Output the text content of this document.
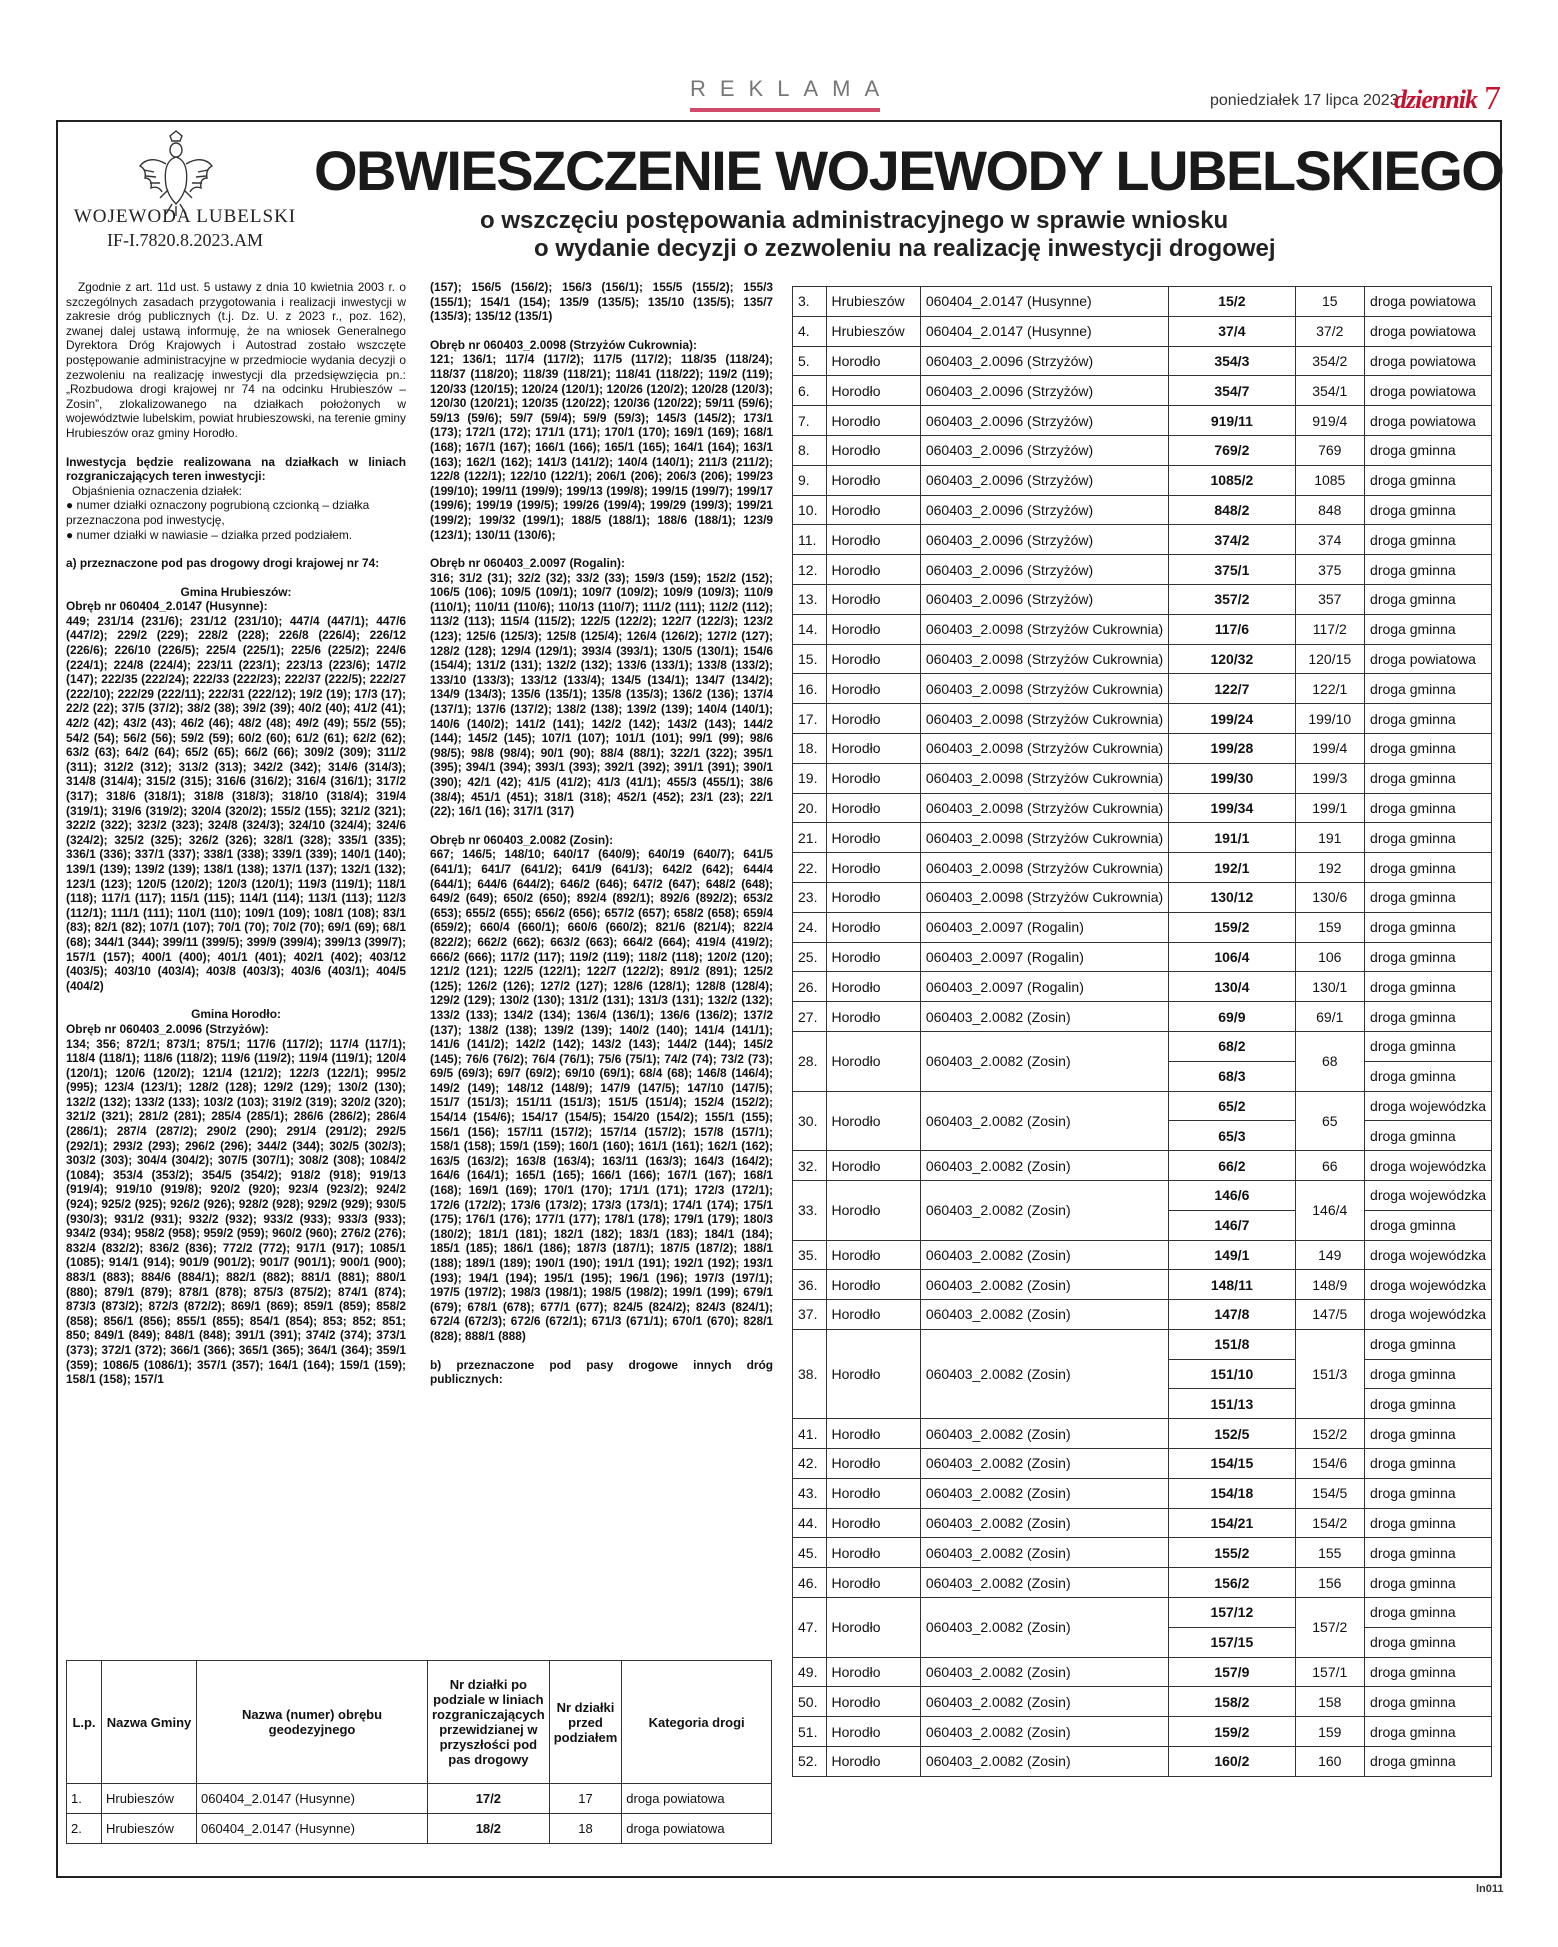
REKLAMA	poniedziałek 17 lipca 2023
dziennik 7
WOJEWODA LUBELSKI
IF-I.7820.8.2023.AM
OBWIESZCZENIE WOJEWODY LUBELSKIEGO
o wszczęciu postępowania administracyjnego w sprawie wniosku
o wydanie decyzji o zezwoleniu na realizację inwestycji drogowej

Zgodnie z art. 11d ust. 5 ustawy z dnia 10 kwietnia 2003 r. o szczególnych zasadach przygotowania i realizacji inwestycji w zakresie dróg publicznych (t.j. Dz. U. z 2023 r., poz. 162), zwanej dalej ustawą informuję, że na wniosek Generalnego Dyrektora Dróg Krajowych i Autostrad zostało wszczęte postępowanie administracyjne w przedmiocie wydania decyzji o zezwoleniu na realizację inwestycji dla przedsięwzięcia pn.: „Rozbudowa drogi krajowej nr 74 na odcinku Hrubieszów – Zosin”, zlokalizowanego na działkach położonych w województwie lubelskim, powiat hrubieszowski, na terenie gminy Hrubieszów oraz gminy Horodło.

Inwestycja będzie realizowana na działkach w liniach rozgraniczających teren inwestycji:

Objaśnienia oznaczenia działek:

● numer działki oznaczony pogrubioną czcionką – działka przeznaczona pod inwestycję,

● numer działki w nawiasie – działka przed podziałem.

a) przeznaczone pod pas drogowy drogi krajowej nr 74:

Gmina Hrubieszów:

Obręb nr 060404_2.0147 (Husynne):

449; 231/14 (231/6); 231/12 (231/10); 447/4 (447/1); 447/6 (447/2); 229/2 (229); 228/2 (228); 226/8 (226/4); 226/12 (226/6); 226/10 (226/5); 225/4 (225/1); 225/6 (225/2); 224/6 (224/1); 224/8 (224/4); 223/11 (223/1); 223/13 (223/6); 147/2 (147); 222/35 (222/24); 222/33 (222/23); 222/37 (222/5); 222/27 (222/10); 222/29 (222/11); 222/31 (222/12); 19/2 (19); 17/3 (17); 22/2 (22); 37/5 (37/2); 38/2 (38); 39/2 (39); 40/2 (40); 41/2 (41); 42/2 (42); 43/2 (43); 46/2 (46); 48/2 (48); 49/2 (49); 55/2 (55); 54/2 (54); 56/2 (56); 59/2 (59); 60/2 (60); 61/2 (61); 62/2 (62); 63/2 (63); 64/2 (64); 65/2 (65); 66/2 (66); 309/2 (309); 311/2 (311); 312/2 (312); 313/2 (313); 342/2 (342); 314/6 (314/3); 314/8 (314/4); 315/2 (315); 316/6 (316/2); 316/4 (316/1); 317/2 (317); 318/6 (318/1); 318/8 (318/3); 318/10 (318/4); 319/4 (319/1); 319/6 (319/2); 320/4 (320/2); 155/2 (155); 321/2 (321); 322/2 (322); 323/2 (323); 324/8 (324/3); 324/10 (324/4); 324/6 (324/2); 325/2 (325); 326/2 (326); 328/1 (328); 335/1 (335); 336/1 (336); 337/1 (337); 338/1 (338); 339/1 (339); 140/1 (140); 139/1 (139); 139/2 (139); 138/1 (138); 137/1 (137); 132/1 (132); 123/1 (123); 120/5 (120/2); 120/3 (120/1); 119/3 (119/1); 118/1 (118); 117/1 (117); 115/1 (115); 114/1 (114); 113/1 (113); 112/3 (112/1); 111/1 (111); 110/1 (110); 109/1 (109); 108/1 (108); 83/1 (83); 82/1 (82); 107/1 (107); 70/1 (70); 70/2 (70); 69/1 (69); 68/1 (68); 344/1 (344); 399/11 (399/5); 399/9 (399/4); 399/13 (399/7); 157/1 (157); 400/1 (400); 401/1 (401); 402/1 (402); 403/12 (403/5); 403/10 (403/4); 403/8 (403/3); 403/6 (403/1); 404/5 (404/2)

Gmina Horodło:

Obręb nr 060403_2.0096 (Strzyżów):

134; 356; 872/1; 873/1; 875/1; 117/6 (117/2); 117/4 (117/1); 118/4 (118/1); 118/6 (118/2); 119/6 (119/2); 119/4 (119/1); 120/4 (120/1); 120/6 (120/2); 121/4 (121/2); 122/3 (122/1); 995/2 (995); 123/4 (123/1); 128/2 (128); 129/2 (129); 130/2 (130); 132/2 (132); 133/2 (133); 103/2 (103); 319/2 (319); 320/2 (320); 321/2 (321); 281/2 (281); 285/4 (285/1); 286/6 (286/2); 286/4 (286/1); 287/4 (287/2); 290/2 (290); 291/4 (291/2); 292/5 (292/1); 293/2 (293); 296/2 (296); 344/2 (344); 302/5 (302/3); 303/2 (303); 304/4 (304/2); 307/5 (307/1); 308/2 (308); 1084/2 (1084); 353/4 (353/2); 354/5 (354/2); 918/2 (918); 919/13 (919/4); 919/10 (919/8); 920/2 (920); 923/4 (923/2); 924/2 (924); 925/2 (925); 926/2 (926); 928/2 (928); 929/2 (929); 930/5 (930/3); 931/2 (931); 932/2 (932); 933/2 (933); 933/3 (933); 934/2 (934); 958/2 (958); 959/2 (959); 960/2 (960); 276/2 (276); 832/4 (832/2); 836/2 (836); 772/2 (772); 917/1 (917); 1085/1 (1085); 914/1 (914); 901/9 (901/2); 901/7 (901/1); 900/1 (900); 883/1 (883); 884/6 (884/1); 882/1 (882); 881/1 (881); 880/1 (880); 879/1 (879); 878/1 (878); 875/3 (875/2); 874/1 (874); 873/3 (873/2); 872/3 (872/2); 869/1 (869); 859/1 (859); 858/2 (858); 856/1 (856); 855/1 (855); 854/1 (854); 853; 852; 851; 850; 849/1 (849); 848/1 (848); 391/1 (391); 374/2 (374); 373/1 (373); 372/1 (372); 366/1 (366); 365/1 (365); 364/1 (364); 359/1 (359); 1086/5 (1086/1); 357/1 (357); 164/1 (164); 159/1 (159); 158/1 (158); 157/1

(157); 156/5 (156/2); 156/3 (156/1); 155/5 (155/2); 155/3 (155/1); 154/1 (154); 135/9 (135/5); 135/10 (135/5); 135/7 (135/3); 135/12 (135/1)

Obręb nr 060403_2.0098 (Strzyżów Cukrownia):

121; 136/1; 117/4 (117/2); 117/5 (117/2); 118/35 (118/24); 118/37 (118/20); 118/39 (118/21); 118/41 (118/22); 119/2 (119); 120/33 (120/15); 120/24 (120/1); 120/26 (120/2); 120/28 (120/3); 120/30 (120/21); 120/35 (120/22); 120/36 (120/22); 59/11 (59/6); 59/13 (59/6); 59/7 (59/4); 59/9 (59/3); 145/3 (145/2); 173/1 (173); 172/1 (172); 171/1 (171); 170/1 (170); 169/1 (169); 168/1 (168); 167/1 (167); 166/1 (166); 165/1 (165); 164/1 (164); 163/1 (163); 162/1 (162); 141/3 (141/2); 140/4 (140/1); 211/3 (211/2); 122/8 (122/1); 122/10 (122/1); 206/1 (206); 206/3 (206); 199/23 (199/10); 199/11 (199/9); 199/13 (199/8); 199/15 (199/7); 199/17 (199/6); 199/19 (199/5); 199/26 (199/4); 199/29 (199/3); 199/21 (199/2); 199/32 (199/1); 188/5 (188/1); 188/6 (188/1); 123/9 (123/1); 130/11 (130/6);

Obręb nr 060403_2.0097 (Rogalin):

316; 31/2 (31); 32/2 (32); 33/2 (33); 159/3 (159); 152/2 (152); 106/5 (106); 109/5 (109/1); 109/7 (109/2); 109/9 (109/3); 110/9 (110/1); 110/11 (110/6); 110/13 (110/7); 111/2 (111); 112/2 (112); 113/2 (113); 115/4 (115/2); 122/5 (122/2); 122/7 (122/3); 123/2 (123); 125/6 (125/3); 125/8 (125/4); 126/4 (126/2); 127/2 (127); 128/2 (128); 129/4 (129/1); 393/4 (393/1); 130/5 (130/1); 154/6 (154/4); 131/2 (131); 132/2 (132); 133/6 (133/1); 133/8 (133/2); 133/10 (133/3); 133/12 (133/4); 134/5 (134/1); 134/7 (134/2); 134/9 (134/3); 135/6 (135/1); 135/8 (135/3); 136/2 (136); 137/4 (137/1); 137/6 (137/2); 138/2 (138); 139/2 (139); 140/4 (140/1); 140/6 (140/2); 141/2 (141); 142/2 (142); 143/2 (143); 144/2 (144); 145/2 (145); 107/1 (107); 101/1 (101); 99/1 (99); 98/6 (98/5); 98/8 (98/4); 90/1 (90); 88/4 (88/1); 322/1 (322); 395/1 (395); 394/1 (394); 393/1 (393); 392/1 (392); 391/1 (391); 390/1 (390); 42/1 (42); 41/5 (41/2); 41/3 (41/1); 455/3 (455/1); 38/6 (38/4); 451/1 (451); 318/1 (318); 452/1 (452); 23/1 (23); 22/1 (22); 16/1 (16); 317/1 (317)

Obręb nr 060403_2.0082 (Zosin):

667; 146/5; 148/10; 640/17 (640/9); 640/19 (640/7); 641/5 (641/1); 641/7 (641/2); 641/9 (641/3); 642/2 (642); 644/4 (644/1); 644/6 (644/2); 646/2 (646); 647/2 (647); 648/2 (648); 649/2 (649); 650/2 (650); 892/4 (892/1); 892/6 (892/2); 653/2 (653); 655/2 (655); 656/2 (656); 657/2 (657); 658/2 (658); 659/4 (659/2); 660/4 (660/1); 660/6 (660/2); 821/6 (821/4); 822/4 (822/2); 662/2 (662); 663/2 (663); 664/2 (664); 419/4 (419/2); 666/2 (666); 117/2 (117); 119/2 (119); 118/2 (118); 120/2 (120); 121/2 (121); 122/5 (122/1); 122/7 (122/2); 891/2 (891); 125/2 (125); 126/2 (126); 127/2 (127); 128/6 (128/1); 128/8 (128/4); 129/2 (129); 130/2 (130); 131/2 (131); 131/3 (131); 132/2 (132); 133/2 (133); 134/2 (134); 136/4 (136/1); 136/6 (136/2); 137/2 (137); 138/2 (138); 139/2 (139); 140/2 (140); 141/4 (141/1); 141/6 (141/2); 142/2 (142); 143/2 (143); 144/2 (144); 145/2 (145); 76/6 (76/2); 76/4 (76/1); 75/6 (75/1); 74/2 (74); 73/2 (73); 69/5 (69/3); 69/7 (69/2); 69/10 (69/1); 68/4 (68); 146/8 (146/4); 149/2 (149); 148/12 (148/9); 147/9 (147/5); 147/10 (147/5); 151/7 (151/3); 151/11 (151/3); 151/5 (151/4); 152/4 (152/2); 154/14 (154/6); 154/17 (154/5); 154/20 (154/2); 155/1 (155); 156/1 (156); 157/11 (157/2); 157/14 (157/2); 157/8 (157/1); 158/1 (158); 159/1 (159); 160/1 (160); 161/1 (161); 162/1 (162); 163/5 (163/2); 163/8 (163/4); 163/11 (163/3); 164/3 (164/2); 164/6 (164/1); 165/1 (165); 166/1 (166); 167/1 (167); 168/1 (168); 169/1 (169); 170/1 (170); 171/1 (171); 172/3 (172/1); 172/6 (172/2); 173/6 (173/2); 173/3 (173/1); 174/1 (174); 175/1 (175); 176/1 (176); 177/1 (177); 178/1 (178); 179/1 (179); 180/3 (180/2); 181/1 (181); 182/1 (182); 183/1 (183); 184/1 (184); 185/1 (185); 186/1 (186); 187/3 (187/1); 187/5 (187/2); 188/1 (188); 189/1 (189); 190/1 (190); 191/1 (191); 192/1 (192); 193/1 (193); 194/1 (194); 195/1 (195); 196/1 (196); 197/3 (197/1); 197/5 (197/2); 198/3 (198/1); 198/5 (198/2); 199/1 (199); 679/1 (679); 678/1 (678); 677/1 (677); 824/5 (824/2); 824/3 (824/1); 672/4 (672/3); 672/6 (672/1); 671/3 (671/1); 670/1 (670); 828/1 (828); 888/1 (888)

b) przeznaczone pod pasy drogowe innych dróg publicznych:

L.p.	Nazwa Gminy	Nazwa (numer) obrębu geodezyjnego	Nr działki po podziale w liniach rozgraniczających przewidzianej w przyszłości pod pas drogowy	Nr działki przed podziałem	Kategoria drogi
1.	Hrubieszów	060404_2.0147 (Husynne)	17/2	17	droga powiatowa
2.	Hrubieszów	060404_2.0147 (Husynne)	18/2	18	droga powiatowa
3.	Hrubieszów	060404_2.0147 (Husynne)	15/2	15	droga powiatowa
4.	Hrubieszów	060404_2.0147 (Husynne)	37/4	37/2	droga powiatowa
5.	Horodło	060403_2.0096 (Strzyżów)	354/3	354/2	droga powiatowa
6.	Horodło	060403_2.0096 (Strzyżów)	354/7	354/1	droga powiatowa
7.	Horodło	060403_2.0096 (Strzyżów)	919/11	919/4	droga powiatowa
8.	Horodło	060403_2.0096 (Strzyżów)	769/2	769	droga gminna
9.	Horodło	060403_2.0096 (Strzyżów)	1085/2	1085	droga gminna
10.	Horodło	060403_2.0096 (Strzyżów)	848/2	848	droga gminna
11.	Horodło	060403_2.0096 (Strzyżów)	374/2	374	droga gminna
12.	Horodło	060403_2.0096 (Strzyżów)	375/1	375	droga gminna
13.	Horodło	060403_2.0096 (Strzyżów)	357/2	357	droga gminna
14.	Horodło	060403_2.0098 (Strzyżów Cukrownia)	117/6	117/2	droga gminna
15.	Horodło	060403_2.0098 (Strzyżów Cukrownia)	120/32	120/15	droga powiatowa
16.	Horodło	060403_2.0098 (Strzyżów Cukrownia)	122/7	122/1	droga gminna
17.	Horodło	060403_2.0098 (Strzyżów Cukrownia)	199/24	199/10	droga gminna
18.	Horodło	060403_2.0098 (Strzyżów Cukrownia)	199/28	199/4	droga gminna
19.	Horodło	060403_2.0098 (Strzyżów Cukrownia)	199/30	199/3	droga gminna
20.	Horodło	060403_2.0098 (Strzyżów Cukrownia)	199/34	199/1	droga gminna
21.	Horodło	060403_2.0098 (Strzyżów Cukrownia)	191/1	191	droga gminna
22.	Horodło	060403_2.0098 (Strzyżów Cukrownia)	192/1	192	droga gminna
23.	Horodło	060403_2.0098 (Strzyżów Cukrownia)	130/12	130/6	droga gminna
24.	Horodło	060403_2.0097 (Rogalin)	159/2	159	droga gminna
25.	Horodło	060403_2.0097 (Rogalin)	106/4	106	droga gminna
26.	Horodło	060403_2.0097 (Rogalin)	130/4	130/1	droga gminna
27.	Horodło	060403_2.0082 (Zosin)	69/9	69/1	droga gminna
28.	Horodło	060403_2.0082 (Zosin)	68/2	68	droga gminna
			68/3		droga gminna
30.	Horodło	060403_2.0082 (Zosin)	65/2	65	droga wojewódzka
			65/3		droga gminna
32.	Horodło	060403_2.0082 (Zosin)	66/2	66	droga wojewódzka
33.	Horodło	060403_2.0082 (Zosin)	146/6	146/4	droga wojewódzka
			146/7		droga gminna
35.	Horodło	060403_2.0082 (Zosin)	149/1	149	droga wojewódzka
36.	Horodło	060403_2.0082 (Zosin)	148/11	148/9	droga wojewódzka
37.	Horodło	060403_2.0082 (Zosin)	147/8	147/5	droga wojewódzka
38.	Horodło	060403_2.0082 (Zosin)	151/8	151/3	droga gminna
			151/10		droga gminna
			151/13		droga gminna
41.	Horodło	060403_2.0082 (Zosin)	152/5	152/2	droga gminna
42.	Horodło	060403_2.0082 (Zosin)	154/15	154/6	droga gminna
43.	Horodło	060403_2.0082 (Zosin)	154/18	154/5	droga gminna
44.	Horodło	060403_2.0082 (Zosin)	154/21	154/2	droga gminna
45.	Horodło	060403_2.0082 (Zosin)	155/2	155	droga gminna
46.	Horodło	060403_2.0082 (Zosin)	156/2	156	droga gminna
47.	Horodło	060403_2.0082 (Zosin)	157/12	157/2	droga gminna
			157/15		droga gminna
49.	Horodło	060403_2.0082 (Zosin)	157/9	157/1	droga gminna
50.	Horodło	060403_2.0082 (Zosin)	158/2	158	droga gminna
51.	Horodło	060403_2.0082 (Zosin)	159/2	159	droga gminna
52.	Horodło	060403_2.0082 (Zosin)	160/2	160	droga gminna
ln011
